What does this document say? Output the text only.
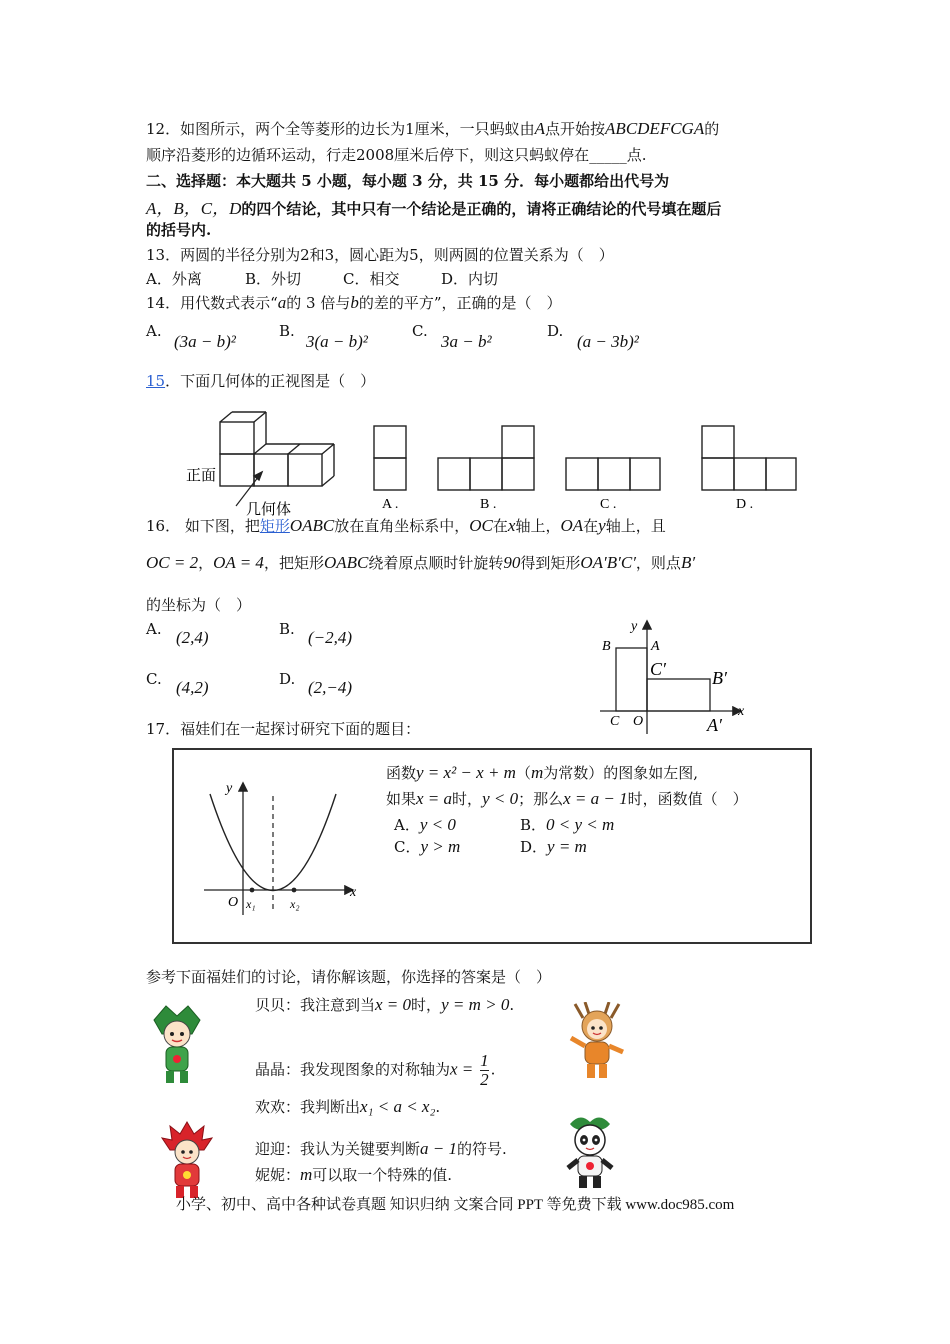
12．如图所示，两个全等菱形的边长为1厘米，一只蚂蚁由A点开始按ABCDEFCGA的
顺序沿菱形的边循环运动，行走2008厘米后停下，则这只蚂蚁停在_____点.
二、选择题：本大题共 5 小题，每小题 3 分，共 15 分．每小题都给出代号为
A，B，C，D的四个结论，其中只有一个结论是正确的，请将正确结论的代号填在题后
的括号内.
13．两圆的半径分别为2和3，圆心距为5，则两圆的位置关系为（　）
A．外离	B．外切	C．相交	D．内切
14．用代数式表示“a的 3 倍与b的差的平方”，正确的是（　）
A.
(3a − b)²
B.
3(a − b)²
C.
3a − b²
D.
(a − 3b)²
15．下面几何体的正视图是（　）
正面
几何体	A .	B .	C .	D .
16． 如下图，把矩形OABC放在直角坐标系中，OC在x轴上，OA在y轴上，且
OC = 2，OA = 4，把矩形OABC绕着原点顺时针旋转90得到矩形OA′B′C′，则点B′
的坐标为（　）
A. (2,4)	B. (−2,4)
C. (4,2)	D. (2,−4)
y
x
B	A
C′	B′
C O	A′
17．福娃们在一起探讨研究下面的题目：
y
x
O x₁	x₂
函数y = x² − x + m（m为常数）的图象如左图,
如果x = a时，y < 0；那么x = a − 1时，函数值（　）
A．y < 0	B．0 < y < m
C．y > m	D．y = m
参考下面福娃们的讨论，请你解该题，你选择的答案是（　）
贝贝：我注意到当x = 0时，y = m > 0.
晶晶：我发现图象的对称轴为$x = \frac{1}{2}$ .
欢欢：我判断出x₁ < a < x₂.
迎迎：我认为关键要判断a − 1的符号.
妮妮：m可以取一个特殊的值.
小学、初中、高中各种试卷真题 知识归纳 文案合同 PPT 等免费下载 www.doc985.com
